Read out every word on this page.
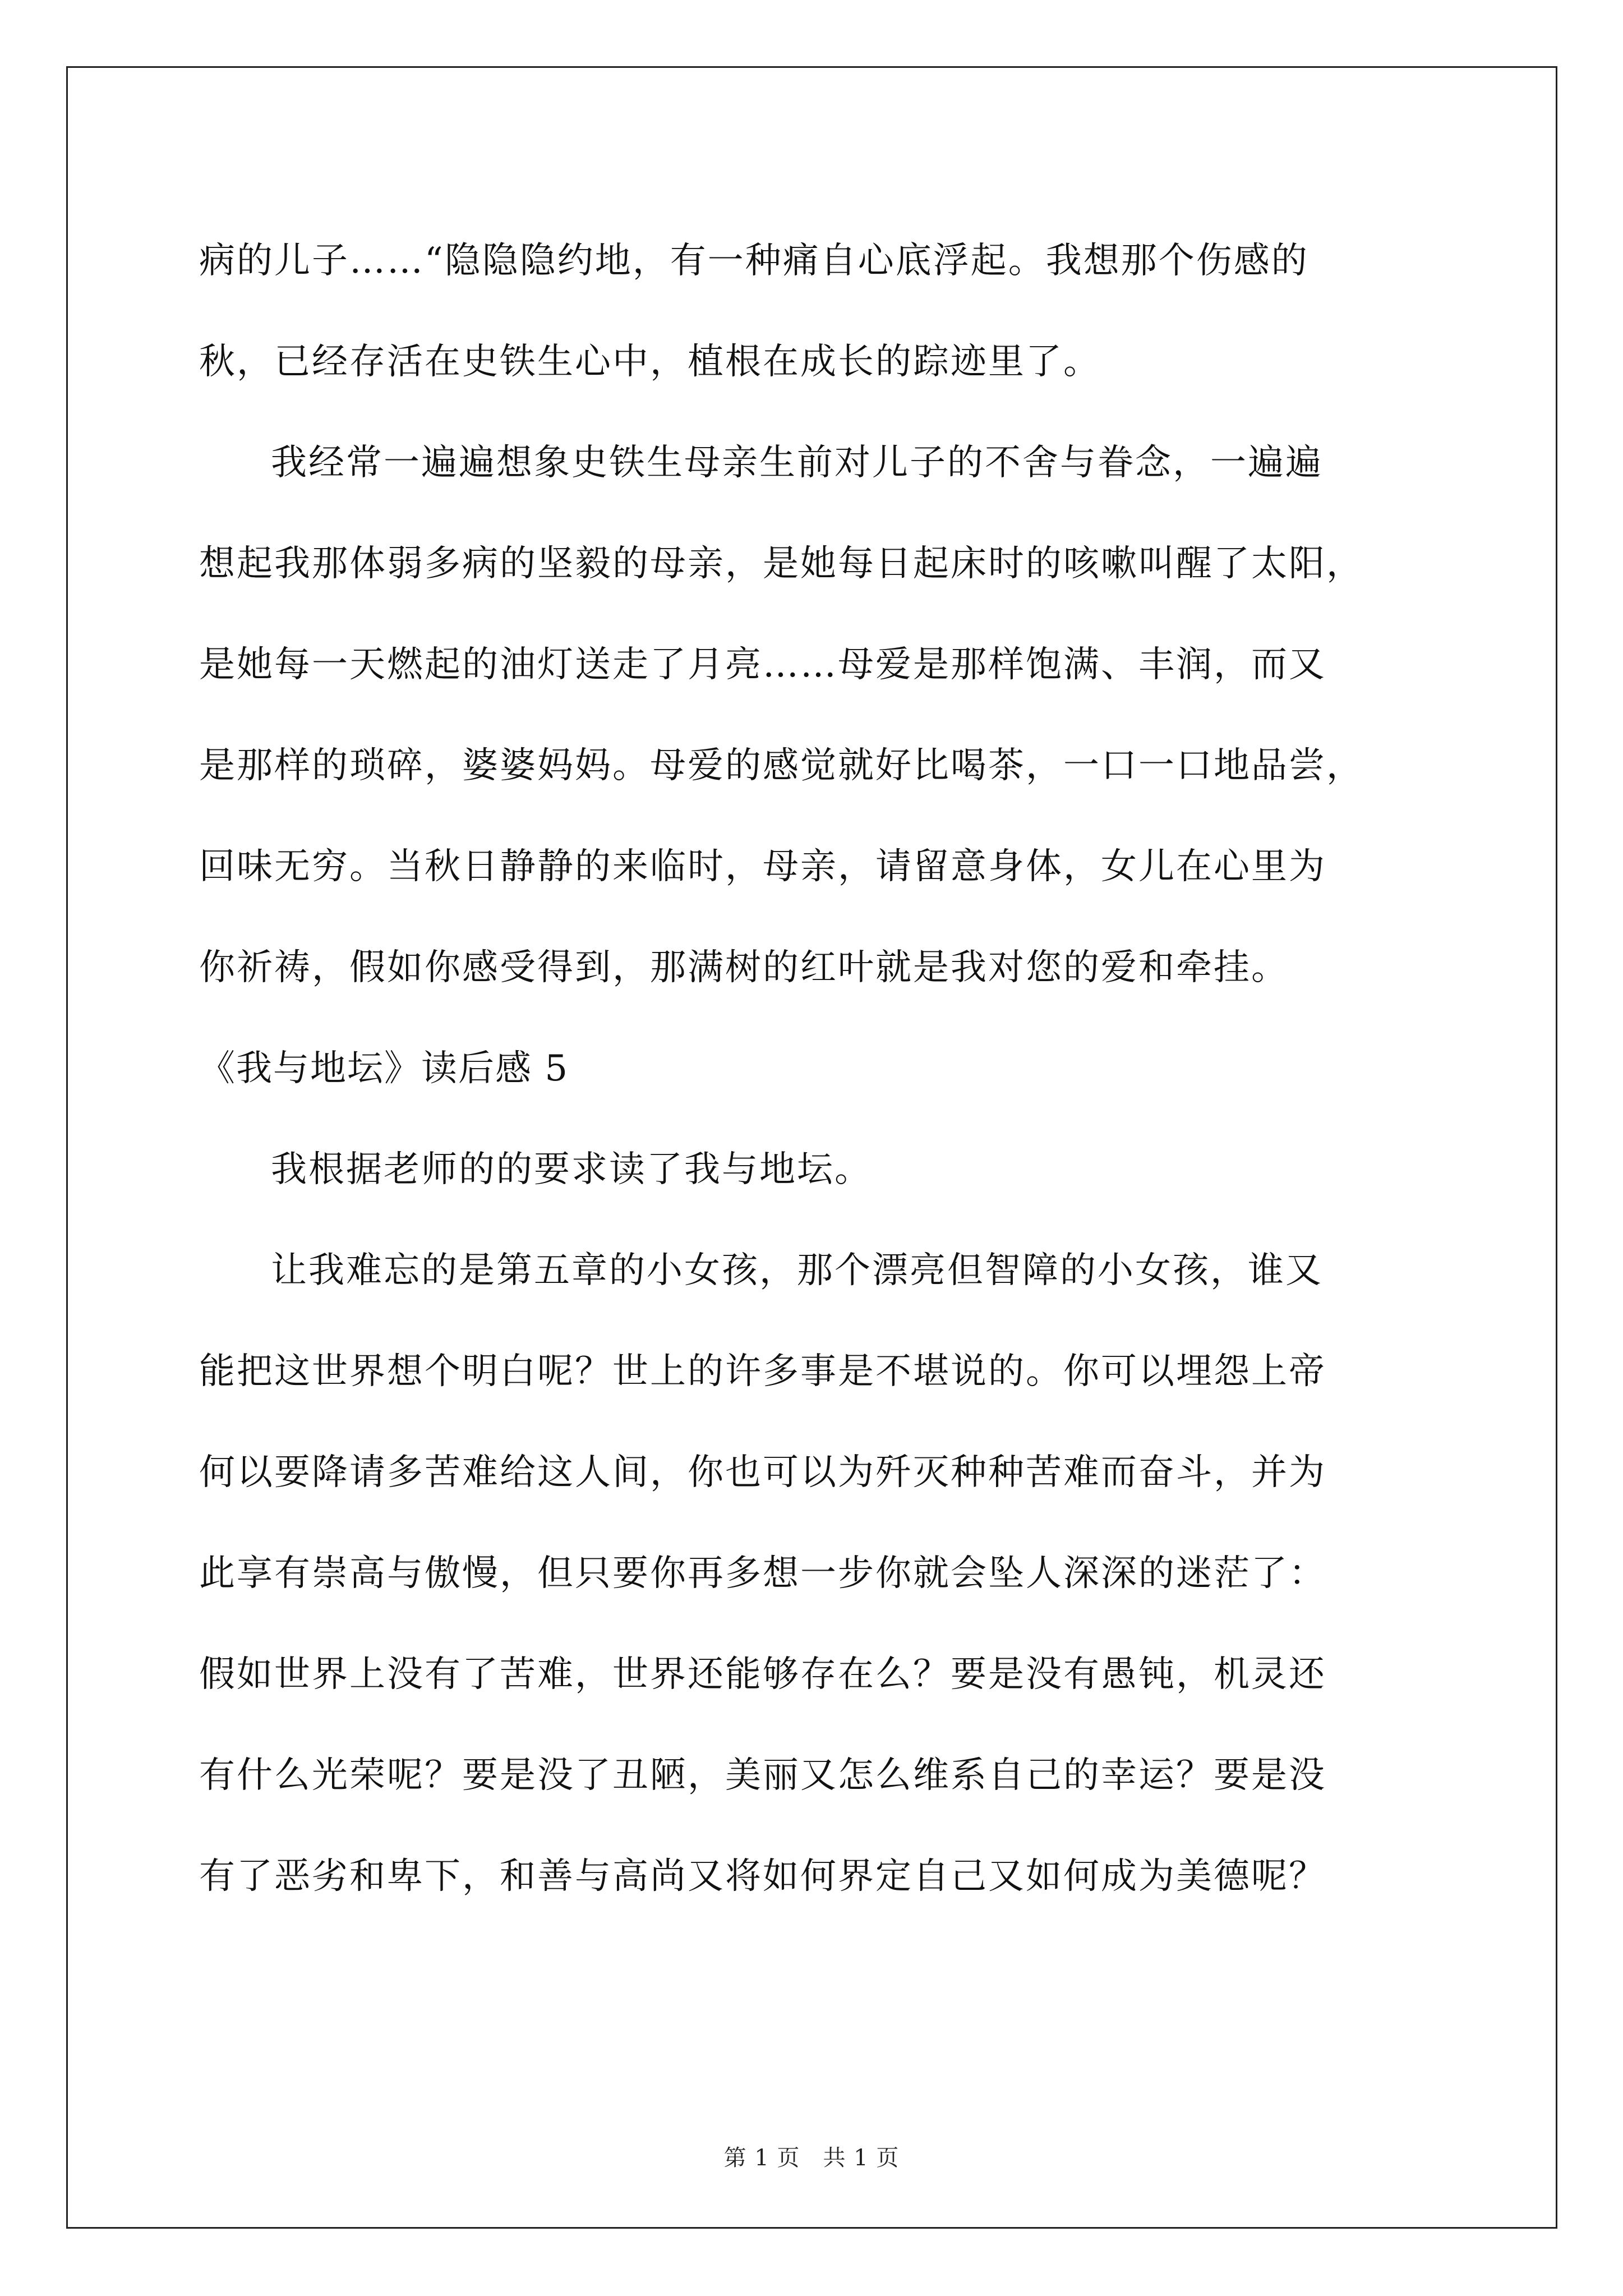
病的儿子……“隐隐隐约地，有一种痛自心底浮起。我想那个伤感的
秋，已经存活在史铁生心中，植根在成长的踪迹里了。
我经常一遍遍想象史铁生母亲生前对儿子的不舍与眷念，一遍遍
想起我那体弱多病的坚毅的母亲，是她每日起床时的咳嗽叫醒了太阳，
是她每一天燃起的油灯送走了月亮……母爱是那样饱满、丰润，而又
是那样的琐碎，婆婆妈妈。母爱的感觉就好比喝茶，一口一口地品尝，
回味无穷。当秋日静静的来临时，母亲，请留意身体，女儿在心里为
你祈祷，假如你感受得到，那满树的红叶就是我对您的爱和牵挂。
《我与地坛》读后感 5
我根据老师的的要求读了我与地坛。
让我难忘的是第五章的小女孩，那个漂亮但智障的小女孩，谁又
能把这世界想个明白呢？世上的许多事是不堪说的。你可以埋怨上帝
何以要降请多苦难给这人间，你也可以为歼灭种种苦难而奋斗，并为
此享有崇高与傲慢，但只要你再多想一步你就会坠人深深的迷茫了：
假如世界上没有了苦难，世界还能够存在么？要是没有愚钝，机灵还
有什么光荣呢？要是没了丑陋，美丽又怎么维系自己的幸运？要是没
有了恶劣和卑下，和善与高尚又将如何界定自己又如何成为美德呢？
第 1 页　共 1 页
